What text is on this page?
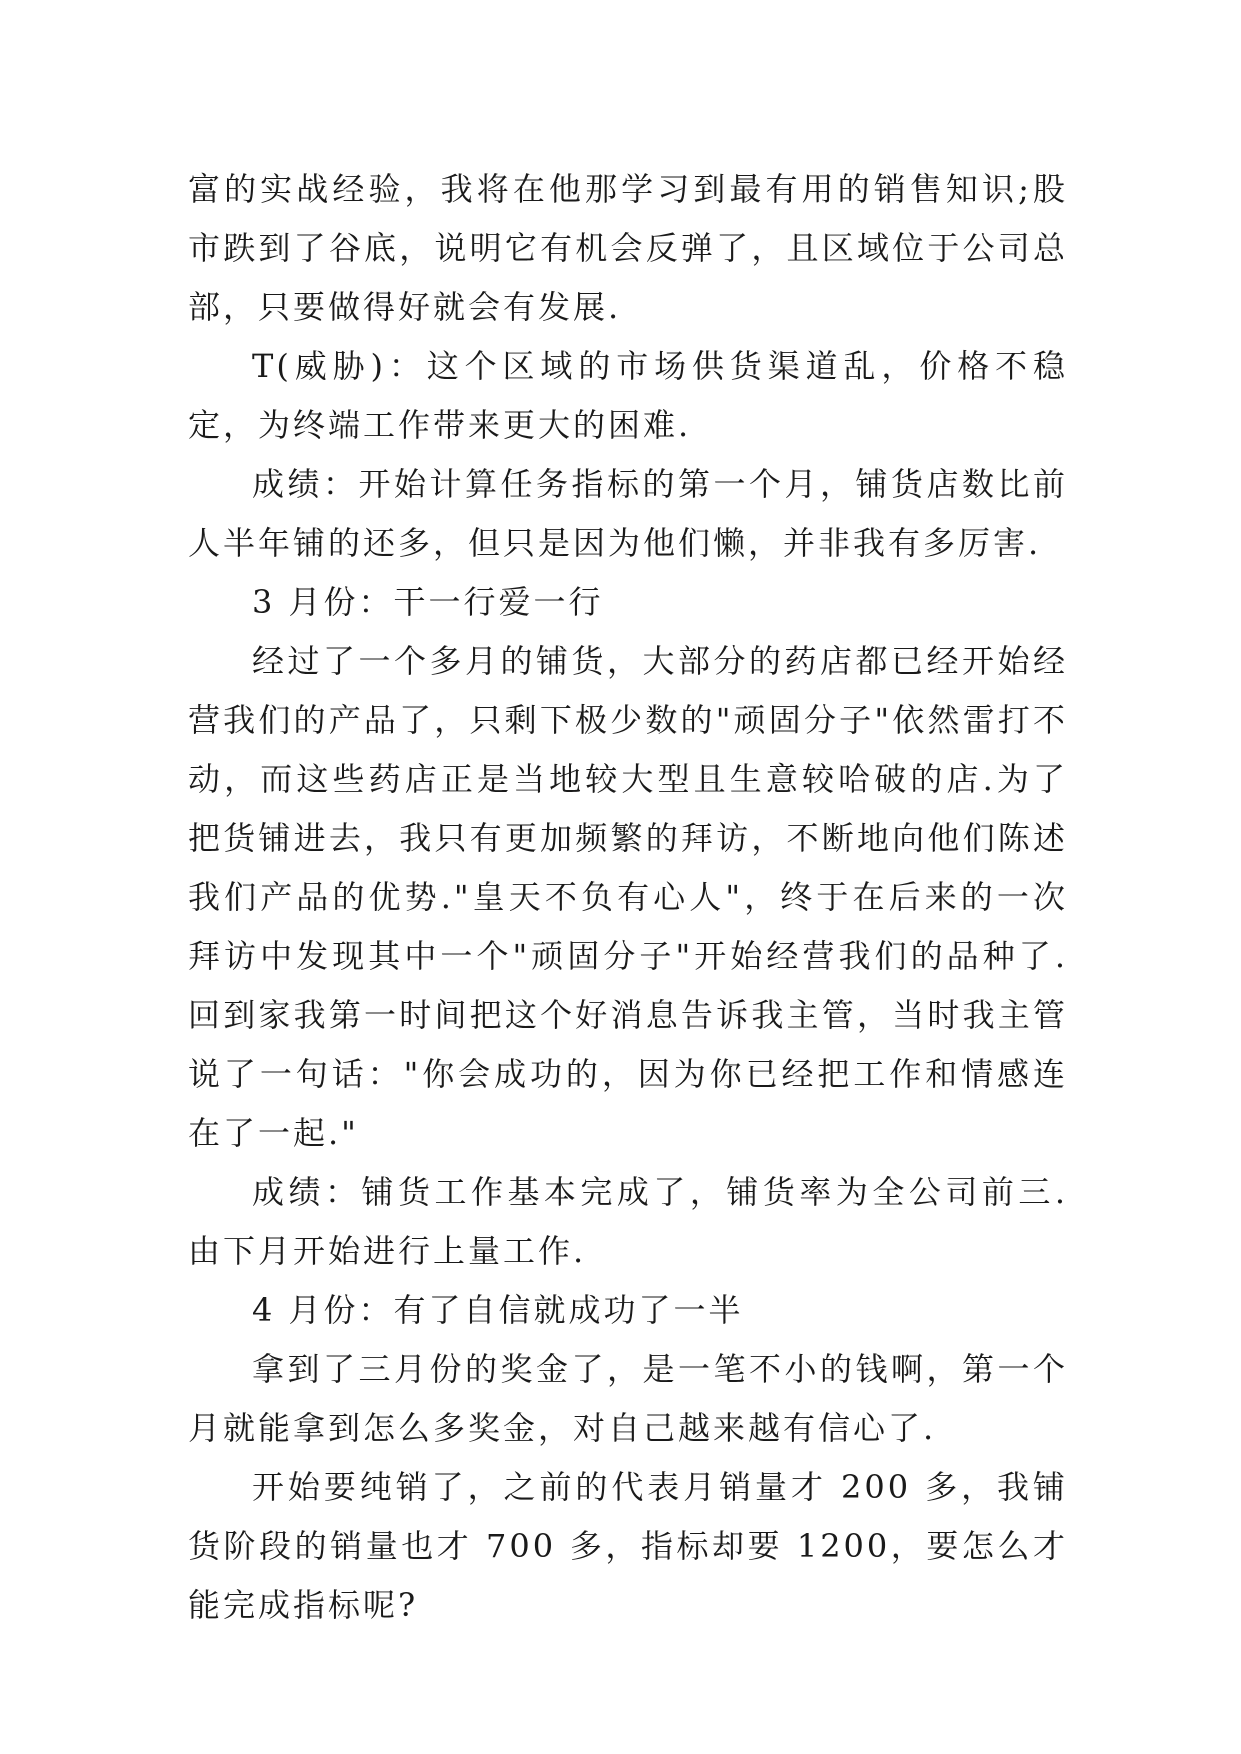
富的实战经验，我将在他那学习到最有用的销售知识;股市跌到了谷底，说明它有机会反弹了，且区域位于公司总部，只要做得好就会有发展.

T(威胁)：这个区域的市场供货渠道乱，价格不稳定，为终端工作带来更大的困难.

成绩：开始计算任务指标的第一个月，铺货店数比前人半年铺的还多，但只是因为他们懒，并非我有多厉害.

3 月份：干一行爱一行

经过了一个多月的铺货，大部分的药店都已经开始经营我们的产品了，只剩下极少数的"顽固分子"依然雷打不动，而这些药店正是当地较大型且生意较哈破的店.为了把货铺进去，我只有更加频繁的拜访，不断地向他们陈述我们产品的优势."皇天不负有心人"，终于在后来的一次拜访中发现其中一个"顽固分子"开始经营我们的品种了.回到家我第一时间把这个好消息告诉我主管，当时我主管说了一句话："你会成功的，因为你已经把工作和情感连在了一起."

成绩：铺货工作基本完成了，铺货率为全公司前三.由下月开始进行上量工作.

4 月份：有了自信就成功了一半

拿到了三月份的奖金了，是一笔不小的钱啊，第一个月就能拿到怎么多奖金，对自己越来越有信心了.

开始要纯销了，之前的代表月销量才 200 多，我铺货阶段的销量也才 700 多，指标却要 1200，要怎么才能完成指标呢?
